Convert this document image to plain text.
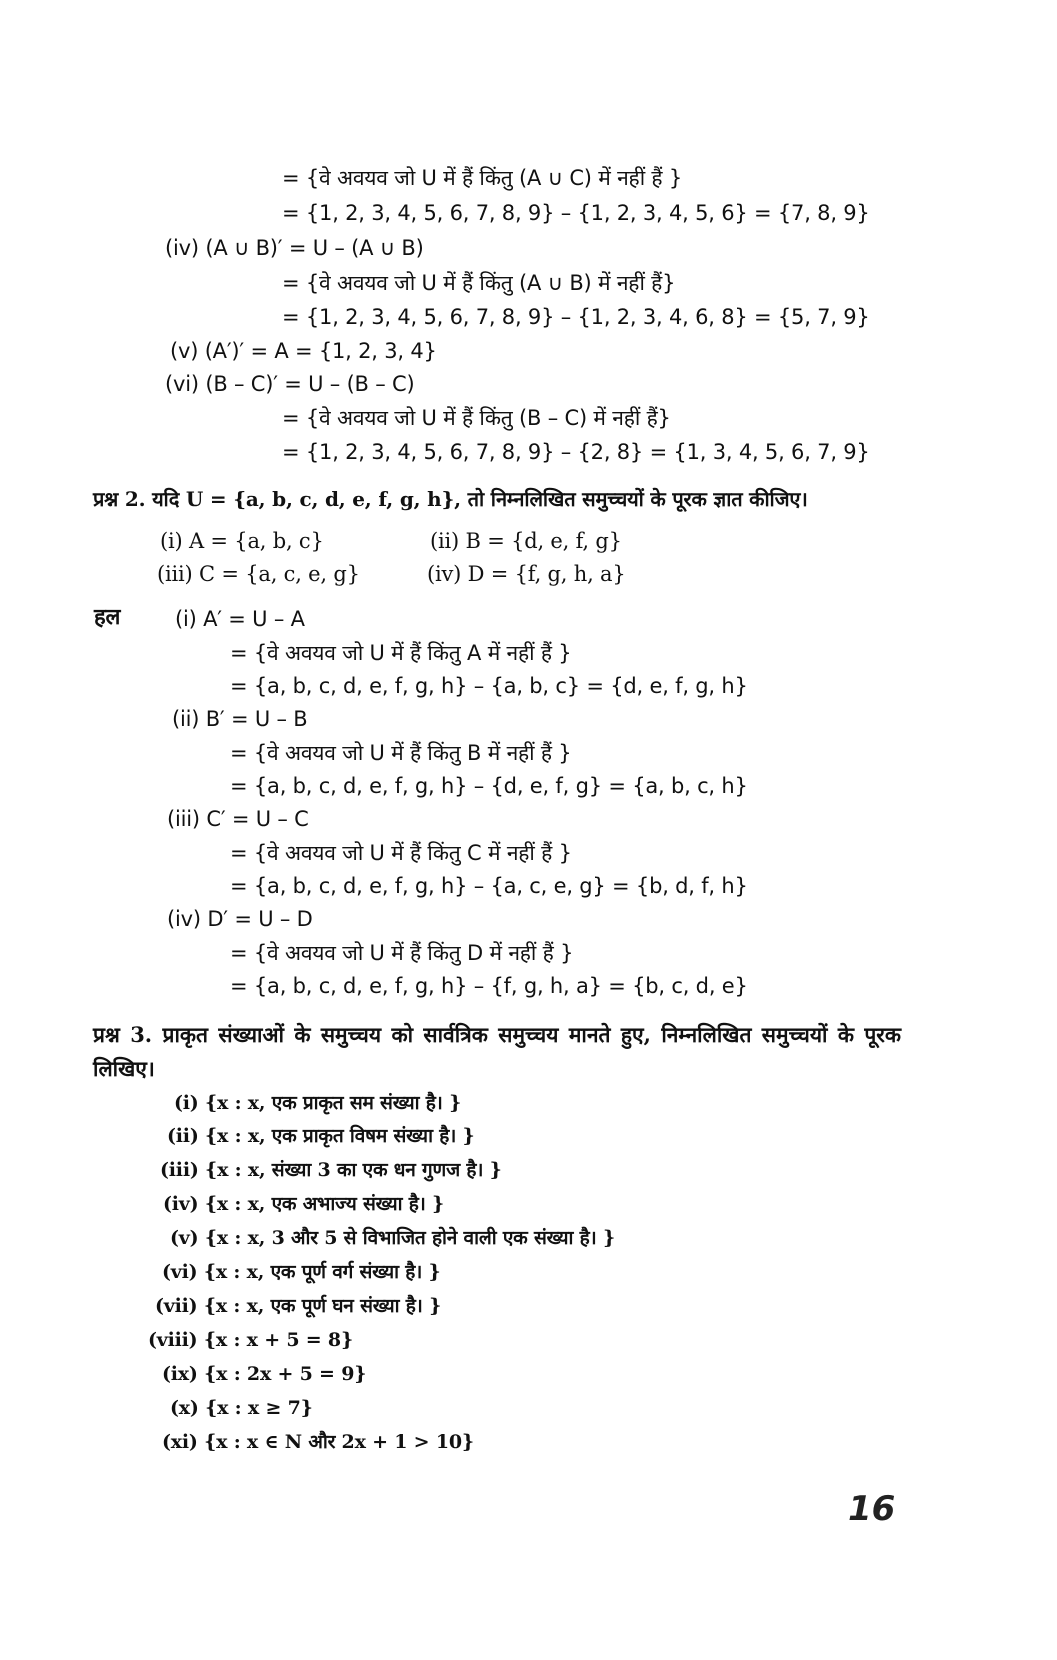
= {वे अवयव जो U में हैं किंतु (A ∪ C) में नहीं हैं }
= {1, 2, 3, 4, 5, 6, 7, 8, 9} – {1, 2, 3, 4, 5, 6} = {7, 8, 9}
(iv) (A ∪ B)′ = U – (A ∪ B)
= {वे अवयव जो U में हैं किंतु (A ∪ B) में नहीं हैं}
= {1, 2, 3, 4, 5, 6, 7, 8, 9} – {1, 2, 3, 4, 6, 8} = {5, 7, 9}
(v) (A′)′ = A = {1, 2, 3, 4}
(vi) (B – C)′ = U – (B – C)
= {वे अवयव जो U में हैं किंतु (B – C) में नहीं हैं}
= {1, 2, 3, 4, 5, 6, 7, 8, 9} – {2, 8} = {1, 3, 4, 5, 6, 7, 9}
प्रश्न 2. यदि U = {a, b, c, d, e, f, g, h}, तो निम्नलिखित समुच्चयों के पूरक ज्ञात कीजिए।
(i) A = {a, b, c}	(ii) B = {d, e, f, g}
(iii) C = {a, c, e, g}	(iv) D = {f, g, h, a}
हल	(i) A′ = U – A
= {वे अवयव जो U में हैं किंतु A में नहीं हैं }
= {a, b, c, d, e, f, g, h} – {a, b, c} = {d, e, f, g, h}
(ii) B′ = U – B
= {वे अवयव जो U में हैं किंतु B में नहीं हैं }
= {a, b, c, d, e, f, g, h} – {d, e, f, g} = {a, b, c, h}
(iii) C′ = U – C
= {वे अवयव जो U में हैं किंतु C में नहीं हैं }
= {a, b, c, d, e, f, g, h} – {a, c, e, g} = {b, d, f, h}
(iv) D′ = U – D
= {वे अवयव जो U में हैं किंतु D में नहीं हैं }
= {a, b, c, d, e, f, g, h} – {f, g, h, a} = {b, c, d, e}
प्रश्न 3. प्राकृत संख्याओं के समुच्चय को सार्वत्रिक समुच्चय मानते हुए, निम्नलिखित समुच्चयों के पूरक लिखिए।
(i) {x : x, एक प्राकृत सम संख्या है। }
(ii) {x : x, एक प्राकृत विषम संख्या है। }
(iii) {x : x, संख्या 3 का एक धन गुणज है। }
(iv) {x : x, एक अभाज्य संख्या है। }
(v) {x : x, 3 और 5 से विभाजित होने वाली एक संख्या है। }
(vi) {x : x, एक पूर्ण वर्ग संख्या है। }
(vii) {x : x, एक पूर्ण घन संख्या है। }
(viii) {x : x + 5 = 8}
(ix) {x : 2x + 5 = 9}
(x) {x : x ≥ 7}
(xi) {x : x ∈ N और 2x + 1 > 10}
16
